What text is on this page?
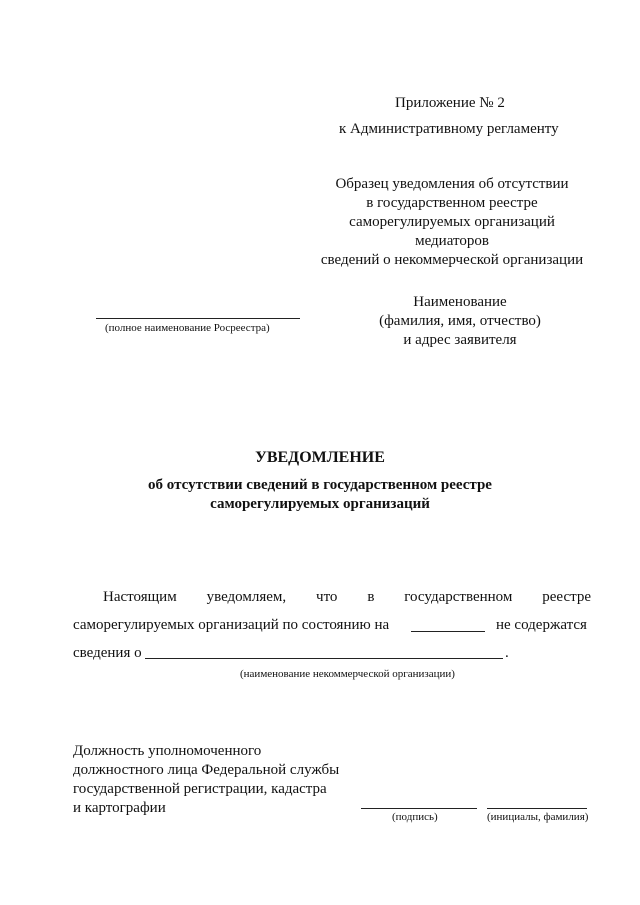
Приложение № 2
к Административному регламенту
Образец уведомления об отсутствии
в государственном реестре
саморегулируемых организаций
медиаторов
сведений о некоммерческой организации
(полное наименование Росреестра)
Наименование
(фамилия, имя, отчество)
и адрес заявителя
УВЕДОМЛЕНИЕ
об отсутствии сведений в государственном реестре
саморегулируемых организаций
Настоящим уведомляем, что в государственном реестре
саморегулируемых организаций по состоянию на	не содержатся
сведения о	.
(наименование некоммерческой организации)
Должность уполномоченного
должностного лица Федеральной службы
государственной регистрации, кадастра
и картографии
(подпись)	(инициалы, фамилия)
